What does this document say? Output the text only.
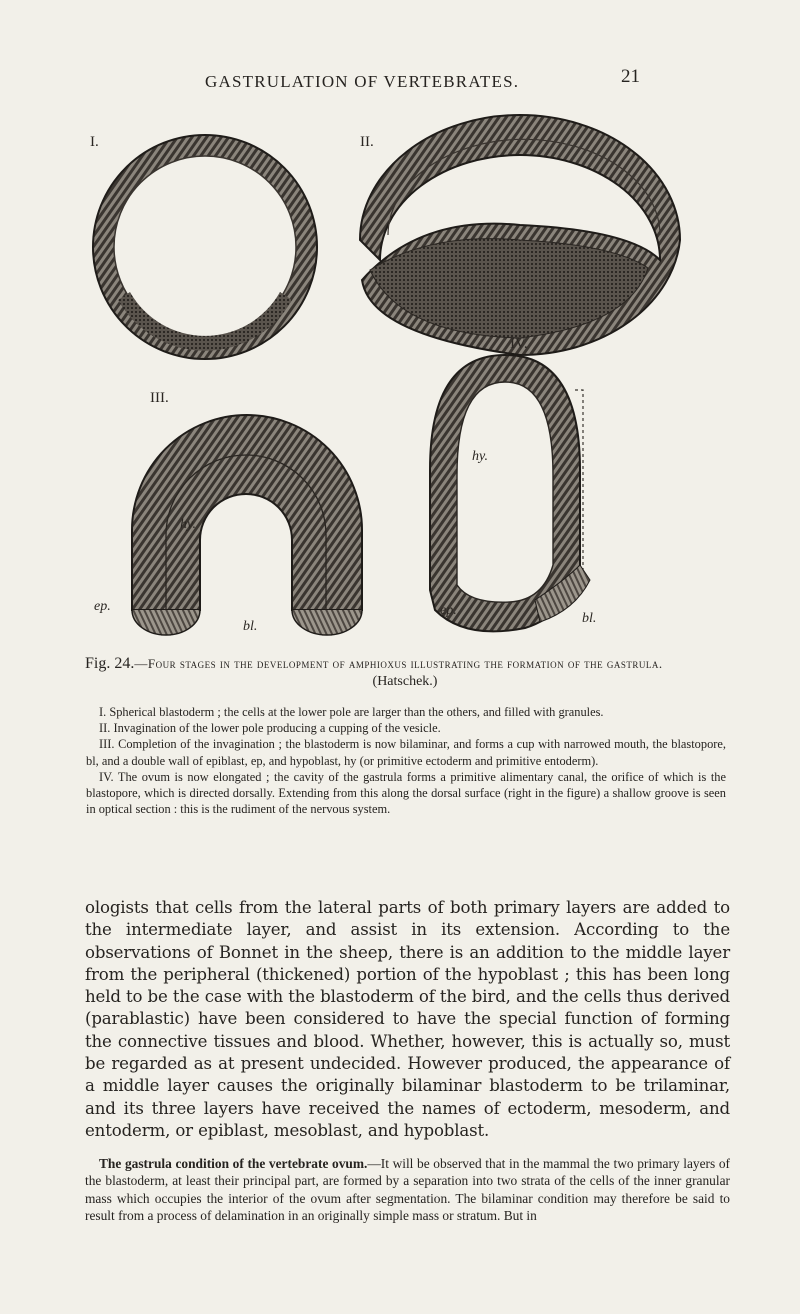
GASTRULATION OF VERTEBRATES.	21
I.	II.
III.
hy.
ep.
bl.
IV.
hy.
ep.
bl.
Fig. 24.—Four stages in the development of amphioxus illustrating the formation of the gastrula.
(Hatschek.)

I. Spherical blastoderm ; the cells at the lower pole are larger than the others, and filled with granules.

II. Invagination of the lower pole producing a cupping of the vesicle.

III. Completion of the invagination ; the blastoderm is now bilaminar, and forms a cup with narrowed mouth, the blastopore, bl, and a double wall of epiblast, ep, and hypoblast, hy (or primitive ectoderm and primitive entoderm).

IV. The ovum is now elongated ; the cavity of the gastrula forms a primitive alimentary canal, the orifice of which is the blastopore, which is directed dorsally. Extending from this along the dorsal surface (right in the figure) a shallow groove is seen in optical section : this is the rudiment of the nervous system.

ologists that cells from the lateral parts of both primary layers are added to the intermediate layer, and assist in its extension. According to the observations of Bonnet in the sheep, there is an addition to the middle layer from the peripheral (thickened) portion of the hypoblast ; this has been long held to be the case with the blastoderm of the bird, and the cells thus derived (parablastic) have been considered to have the special function of forming the connective tissues and blood. Whether, however, this is actually so, must be regarded as at present undecided. However produced, the appearance of a middle layer causes the originally bilaminar blastoderm to be trilaminar, and its three layers have received the names of ectoderm, mesoderm, and entoderm, or epiblast, mesoblast, and hypoblast.

The gastrula condition of the vertebrate ovum.—It will be observed that in the mammal the two primary layers of the blastoderm, at least their principal part, are formed by a separation into two strata of the cells of the inner granular mass which occupies the interior of the ovum after segmentation. The bilaminar condition may therefore be said to result from a process of delamination in an originally simple mass or stratum. But in
